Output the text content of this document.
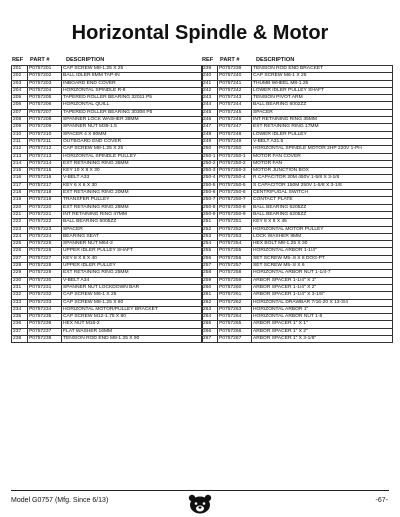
Horizontal Spindle & Motor
REF	PART #	DESCRIPTION
201	P0757201	CAP SCREW M8-1.25 X 25
202	P0757202	BALL IDLER 8MM TAP-IN
203	P0757203	INBOARD END COVER
204	P0757204	HORIZONTAL SPINDLE R-8
205	P0757205	TAPERED ROLLER BEARING 32011 P5
206	P0757206	HORIZONTAL QUILL
207	P0757207	TAPERED ROLLER BEARING 30308 P5
208	P0757208	SPANNER LOCK WASHER 39MM
209	P0757209	SPANNER NUT M39-1.5
210	P0757210	SPACER 4 X 90MM
211	P0757211	OUTBOARD END COVER
212	P0757212	CAP SCREW M8-1.25 X 25
213	P0757213	HORIZONTAL SPINDLE PULLEY
214	P0757214	EXT RETAINING RING 35MM
215	P0757215	KEY 10 X 8 X 30
216	P0757216	V-BELT A33
217	P0757217	KEY 6 X 6 X 30
218	P0757218	EXT RETAINING RING 20MM
219	P0757219	TRANSFER PULLEY
220	P0757220	EXT RETAINING RING 28MM
221	P0757221	INT RETAINING RING 47MM
222	P0757222	BALL BEARING 6005ZZ
223	P0757223	SPACER
224	P0757224	BEARING SEAT
225	P0757225	SPANNER NUT M64-2
226	P0757226	UPPER IDLER PULLEY SHAFT
227	P0757227	KEY 8 X 8 X 40
228	P0757228	UPPER IDLER PULLEY
229	P0757229	EXT RETAINING RING 25MM
230	P0757230	V-BELT A34
231	P0757231	SPANNER NUT LOCKDOWN BAR
232	P0757232	CAP SCREW M6-1 X 25
233	P0757233	CAP SCREW M8-1.25 X 60
234	P0757234	HORIZONTAL MOTOR/PULLEY BRACKET
235	P0757235	CAP SCREW M12-1.75 X 80
236	P0757236	HEX NUT M16-2
237	P0757237	FLAT WASHER 16MM
238	P0757238	TENSION ROD END M8-1.25 X 90
REF	PART #	DESCRIPTION
239	P0757239	TENSION ROD END BRACKET
240	P0757240	CAP SCREW M6-1 X 25
241	P0757241	THUMB WHEEL M8-1.25
242	P0757242	LOWER IDLER PULLEY SHAFT
243	P0757243	TENSION PIVOT ARM
244	P0757244	BALL BEARING 6002ZZ
245	P0757245	SPACER
246	P0757246	INT RETAINING RING 35MM
247	P0757247	EXT RETAINING RING 17MM
248	P0757248	LOWER IDLER PULLEY
249	P0757249	V-BELT A31.5
250	P0757250	HORIZONTAL SPINDLE MOTOR 2HP 220V 1-PH
250-1	P0757250-1	MOTOR FAN COVER
250-2	P0757250-2	MOTOR FAN
250-3	P0757250-3	MOTOR JUNCTION BOX
250-4	P0757250-4	R CAPACITOR 20M 450V 1-5/8 X 3-1/8
250-5	P0757250-5	S CAPACITOR 150M 250V 1-5/8 X 3-1/8
250-6	P0757250-6	CENTRIFUGAL SWITCH
250-7	P0757250-7	CONTACT PLATE
250-8	P0757250-8	BALL BEARING 6205ZZ
250-9	P0757250-9	BALL BEARING 6205ZZ
251	P0757251	KEY 8 X 8 X 45
252	P0757252	HORIZONTAL MOTOR PULLEY
253	P0757253	LOCK WASHER 8MM
254	P0757254	HEX BOLT M8-1.25 X 30
255	P0757255	HORIZONTAL ARBOR 1-1/4"
256	P0757256	SET SCREW M5-.8 X 8 DOG-PT
257	P0757257	SET SCREW M5-.8 X 6
258	P0757258	HORIZONTAL ARBOR NUT 1-1/4-7
259	P0757259	ARBOR SPACER 1-1/4" X 1"
260	P0757260	ARBOR SPACER 1-1/4" X 2"
261	P0757261	ARBOR SPACER 1-1/4" X 3-1/8"
262	P0757262	HORIZONTAL DRAWBAR 7/16-20 X 13-3/4
263	P0757263	HORIZONTAL ARBOR 1"
264	P0757264	HORIZONTAL ARBOR NUT 1-8
265	P0757265	ARBOR SPACER 1" X 1"
266	P0757266	ARBOR SPACER 1" X 2"
267	P0757267	ARBOR SPACER 1" X 3-1/8"
Model G0757 (Mfg. Since 6/13)	-67-
